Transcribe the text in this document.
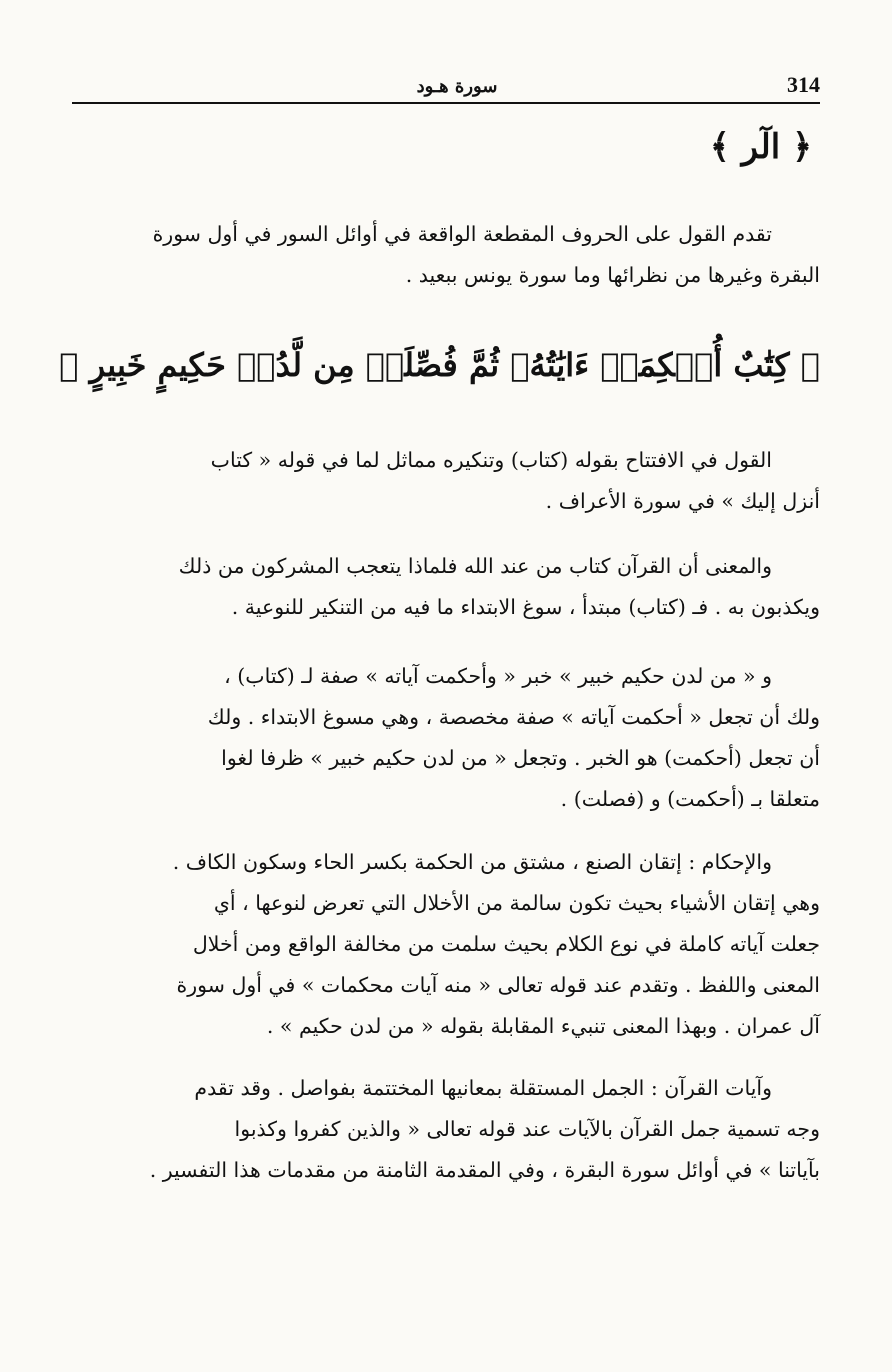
314
سورة هـود
﴿ الٓر ﴾

تقدم القول على الحروف المقطعة الواقعة في أوائل السور في أول سورة
البقرة وغيرها من نظرائها وما سورة يونس ببعيد .

﴿ كِتَٰبٌ أُحۡكِمَتۡ ءَايَٰتُهُۥ ثُمَّ فُصِّلَتۡ مِن لَّدُنۡ حَكِيمٍ خَبِيرٍ ﴾

القول في الافتتاح بقوله (كتاب) وتنكيره مماثل لما في قوله « كتاب
أنزل إليك » في سورة الأعراف .

والمعنى أن القرآن كتاب من عند الله فلماذا يتعجب المشركون من ذلك
ويكذبون به . فـ (كتاب) مبتدأ ، سوغ الابتداء ما فيه من التنكير للنوعية .

و « من لدن حكيم خبير » خبر « وأحكمت آياته » صفة لـ (كتاب) ،
ولك أن تجعل « أحكمت آياته » صفة مخصصة ، وهي مسوغ الابتداء . ولك
أن تجعل (أحكمت) هو الخبر . وتجعل « من لدن حكيم خبير » ظرفا لغوا
متعلقا بـ (أحكمت) و (فصلت) .

والإحكام : إتقان الصنع ، مشتق من الحكمة بكسر الحاء وسكون الكاف .
وهي إتقان الأشياء بحيث تكون سالمة من الأخلال التي تعرض لنوعها ، أي
جعلت آياته كاملة في نوع الكلام بحيث سلمت من مخالفة الواقع ومن أخلال
المعنى واللفظ . وتقدم عند قوله تعالى « منه آيات محكمات » في أول سورة
آل عمران . وبهذا المعنى تنبيء المقابلة بقوله « من لدن حكيم » .

وآيات القرآن : الجمل المستقلة بمعانيها المختتمة بفواصل . وقد تقدم
وجه تسمية جمل القرآن بالآيات عند قوله تعالى « والذين كفروا وكذبوا
بآياتنا » في أوائل سورة البقرة ، وفي المقدمة الثامنة من مقدمات هذا التفسير .
